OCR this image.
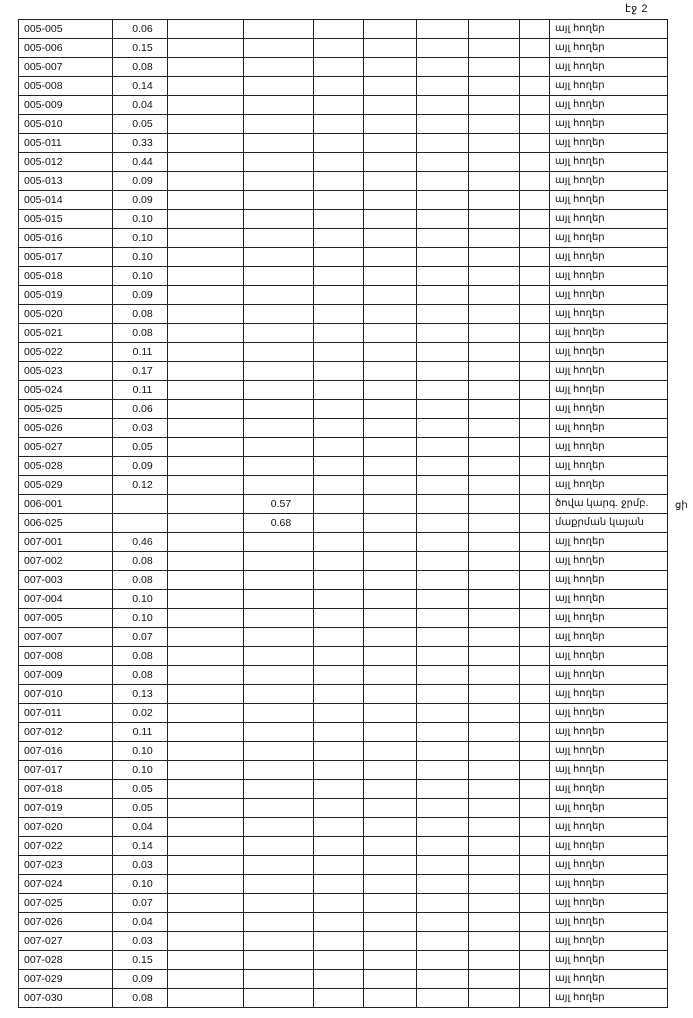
էջ 2
ցի
005-005	0.06								այլ հողեր
005-006	0.15								այլ հողեր
005-007	0.08								այլ հողեր
005-008	0.14								այլ հողեր
005-009	0.04								այլ հողեր
005-010	0.05								այլ հողեր
005-011	0.33								այլ հողեր
005-012	0.44								այլ հողեր
005-013	0.09								այլ հողեր
005-014	0.09								այլ հողեր
005-015	0.10								այլ հողեր
005-016	0.10								այլ հողեր
005-017	0.10								այլ հողեր
005-018	0.10								այլ հողեր
005-019	0.09								այլ հողեր
005-020	0.08								այլ հողեր
005-021	0.08								այլ հողեր
005-022	0.11								այլ հողեր
005-023	0.17								այլ հողեր
005-024	0.11								այլ հողեր
005-025	0.06								այլ հողեր
005-026	0.03								այլ հողեր
005-027	0.05								այլ հողեր
005-028	0.09								այլ հողեր
005-029	0.12								այլ հողեր
006-001			0.57						ծովա կարգ. ջրմբ.
006-025			0.68						մաքրման կայան
007-001	0.46								այլ հողեր
007-002	0.08								այլ հողեր
007-003	0.08								այլ հողեր
007-004	0.10								այլ հողեր
007-005	0.10								այլ հողեր
007-007	0.07								այլ հողեր
007-008	0.08								այլ հողեր
007-009	0.08								այլ հողեր
007-010	0.13								այլ հողեր
007-011	0.02								այլ հողեր
007-012	0.11								այլ հողեր
007-016	0.10								այլ հողեր
007-017	0.10								այլ հողեր
007-018	0.05								այլ հողեր
007-019	0.05								այլ հողեր
007-020	0.04								այլ հողեր
007-022	0.14								այլ հողեր
007-023	0.03								այլ հողեր
007-024	0.10								այլ հողեր
007-025	0.07								այլ հողեր
007-026	0.04								այլ հողեր
007-027	0.03								այլ հողեր
007-028	0.15								այլ հողեր
007-029	0.09								այլ հողեր
007-030	0.08								այլ հողեր
